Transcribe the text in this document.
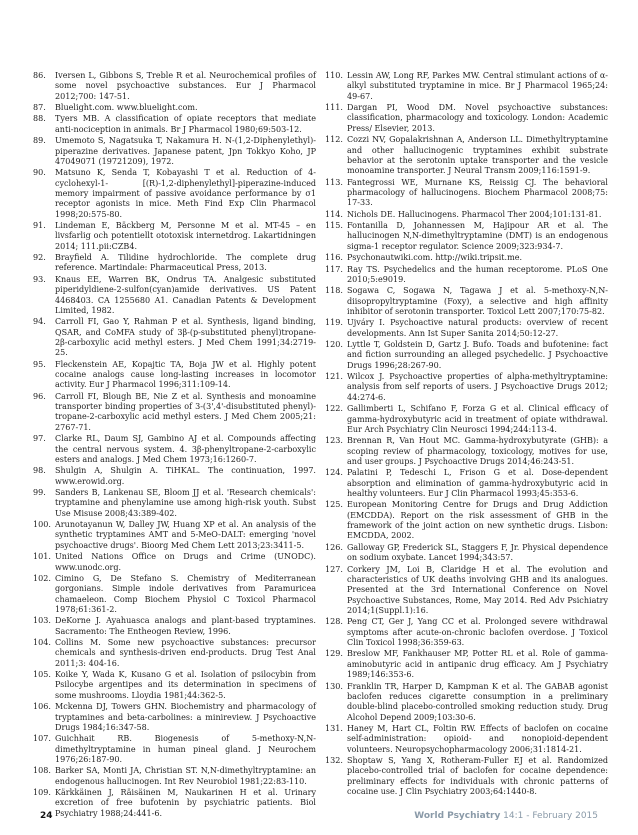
86.	Iversen L, Gibbons S, Treble R et al. Neurochemical profiles of some novel psychoactive substances. Eur J Pharmacol 2012;700: 147-51.
87.	Bluelight.com. www.bluelight.com.
88.	Tyers MB. A classification of opiate receptors that mediate anti-nociception in animals. Br J Pharmacol 1980;69:503-12.
89.	Umemoto S, Nagatsuka T, Nakamura H. N-(1,2-Diphenylethyl)-piperazine derivatives. Japanese patent, Jpn Tokkyo Koho, JP 47049071 (19721209), 1972.
90.	Matsuno K, Senda T, Kobayashi T et al. Reduction of 4-cyclohexyl-1- [(R)-1,2-diphenylethyl]-piperazine-induced memory impairment of passive avoidance performance by σ1 receptor agonists in mice. Meth Find Exp Clin Pharmacol 1998;20:575-80.
91.	Lindeman E, Bäckberg M, Personne M et al. MT-45 – en livsfarlig och potentiellt ototoxisk internetdrog. Lakartidningen 2014; 111.pii:CZB4.
92.	Brayfield A. Tilidine hydrochloride. The complete drug reference. Martindale: Pharmaceutical Press, 2013.
93.	Knaus EE, Warren BK, Ondrus TA. Analgesic substituted piperidyldiene-2-sulfon(cyan)amide derivatives. US Patent 4468403. CA 1255680 A1. Canadian Patents & Development Limited, 1982.
94.	Carroll FI, Gao Y, Rahman P et al. Synthesis, ligand binding, QSAR, and CoMFA study of 3β-(p-substituted phenyl)tropane-2β-carboxylic acid methyl esters. J Med Chem 1991;34:2719-25.
95.	Fleckenstein AE, Kopajtic TA, Boja JW et al. Highly potent cocaine analogs cause long-lasting increases in locomotor activity. Eur J Pharmacol 1996;311:109-14.
96.	Carroll FI, Blough BE, Nie Z et al. Synthesis and monoamine transporter binding properties of 3-(3',4'-disubstituted phenyl)-tropane-2-carboxylic acid methyl esters. J Med Chem 2005;21: 2767-71.
97.	Clarke RL, Daum SJ, Gambino AJ et al. Compounds affecting the central nervous system. 4. 3β-phenyltropane-2-carboxylic esters and analogs. J Med Chem 1973;16:1260-7.
98.	Shulgin A, Shulgin A. TiHKAL. The continuation, 1997. www.erowid.org.
99.	Sanders B, Lankenau SE, Bloom JJ et al. 'Research chemicals': tryptamine and phenylamine use among high-risk youth. Subst Use Misuse 2008;43:389-402.
100. Arunotayanun W, Dalley JW, Huang XP et al. An analysis of the synthetic tryptamines AMT and 5-MeO-DALT: emerging 'novel psychoactive drugs'. Bioorg Med Chem Lett 2013;23:3411-5.
101. United Nations Office on Drugs and Crime (UNODC). www.unodc.org.
102. Cimino G, De Stefano S. Chemistry of Mediterranean gorgonians. Simple indole derivatives from Paramuricea chamaeleon. Comp Biochem Physiol C Toxicol Pharmacol 1978;61:361-2.
103. DeKorne J. Ayahuasca analogs and plant-based tryptamines. Sacramento: The Entheogen Review, 1996.
104. Collins M. Some new psychoactive substances: precursor chemicals and synthesis-driven end-products. Drug Test Anal 2011;3: 404-16.
105. Koike Y, Wada K, Kusano G et al. Isolation of psilocybin from Psilocybe argentipes and its determination in specimens of some mushrooms. Lloydia 1981;44:362-5.
106. Mckenna DJ, Towers GHN. Biochemistry and pharmacology of tryptamines and beta-carbolines: a minireview. J Psychoactive Drugs 1984;16:347-58.
107. Guichhait RB. Biogenesis of 5-methoxy-N,N-dimethyltryptamine in human pineal gland. J Neurochem 1976;26:187-90.
108. Barker SA, Monti JA, Christian ST. N,N-dimethyltryptamine: an endogenous hallucinogen. Int Rev Neurobiol 1981;22:83-110.
109. Kärkkäinen J, Räisäinen M, Naukarinen H et al. Urinary excretion of free bufotenin by psychiatric patients. Biol Psychiatry 1988;24:441-6.
110. Lessin AW, Long RF, Parkes MW. Central stimulant actions of α-alkyl substituted tryptamine in mice. Br J Pharmacol 1965;24: 49-67.
111. Dargan PI, Wood DM. Novel psychoactive substances: classification, pharmacology and toxicology. London: Academic Press/ Elsevier, 2013.
112. Cozzi NV, Gopalakrishnan A, Anderson LL. Dimethyltryptamine and other hallucinogenic tryptamines exhibit substrate behavior at the serotonin uptake transporter and the vesicle monoamine transporter. J Neural Transm 2009;116:1591-9.
113. Fantegrossi WE, Murnane KS, Reissig CJ. The behavioral pharmacology of hallucinogens. Biochem Pharmacol 2008;75: 17-33.
114. Nichols DE. Hallucinogens. Pharmacol Ther 2004;101:131-81.
115. Fontanilla D, Johannessen M, Hajipour AR et al. The hallucinogen N,N-dimethyltryptamine (DMT) is an endogenous sigma-1 receptor regulator. Science 2009;323:934-7.
116. Psychonautwiki.com. http://wiki.tripsit.me.
117. Ray TS. Psychedelics and the human receptorome. PLoS One 2010;5:e9019.
118. Sogawa C, Sogawa N, Tagawa J et al. 5-methoxy-N,N-diisopropyltryptamine (Foxy), a selective and high affinity inhibitor of serotonin transporter. Toxicol Lett 2007;170:75-82.
119. Ujváry I. Psychoactive natural products: overview of recent developments. Ann Ist Super Sanita 2014;50:12-27.
120. Lyttle T, Goldstein D, Gartz J. Bufo. Toads and bufotenine: fact and fiction surrounding an alleged psychedelic. J Psychoactive Drugs 1996;28:267-90.
121. Wilcox J. Psychoactive properties of alpha-methyltryptamine: analysis from self reports of users. J Psychoactive Drugs 2012; 44:274-6.
122. Gallimberti L, Schifano F, Forza G et al. Clinical efficacy of gamma-hydroxybutyric acid in treatment of opiate withdrawal. Eur Arch Psychiatry Clin Neurosci 1994;244:113-4.
123. Brennan R, Van Hout MC. Gamma-hydroxybutyrate (GHB): a scoping review of pharmacology, toxicology, motives for use, and user groups. J Psychoactive Drugs 2014;46:243-51.
124. Palatini P, Tedeschi L, Frison G et al. Dose-dependent absorption and elimination of gamma-hydroxybutyric acid in healthy volunteers. Eur J Clin Pharmacol 1993;45:353-6.
125. European Monitoring Centre for Drugs and Drug Addiction (EMCDDA). Report on the risk assessment of GHB in the framework of the joint action on new synthetic drugs. Lisbon: EMCDDA, 2002.
126. Galloway GP, Frederick SL, Staggers F, Jr. Physical dependence on sodium oxybate. Lancet 1994;343:57.
127. Corkery JM, Loi B, Claridge H et al. The evolution and characteristics of UK deaths involving GHB and its analogues. Presented at the 3rd International Conference on Novel Psychoactive Substances, Rome, May 2014. Red Adv Psichiatry 2014;1(Suppl.1):16.
128. Peng CT, Ger J, Yang CC et al. Prolonged severe withdrawal symptoms after acute-on-chronic baclofen overdose. J Toxicol Clin Toxicol 1998;36:359-63.
129. Breslow MF, Fankhauser MP, Potter RL et al. Role of gamma-aminobutyric acid in antipanic drug efficacy. Am J Psychiatry 1989;146:353-6.
130. Franklin TR, Harper D, Kampman K et al. The GABAB agonist baclofen reduces cigarette consumption in a preliminary double-blind placebo-controlled smoking reduction study. Drug Alcohol Depend 2009;103:30-6.
131. Haney M, Hart CL, Foltin RW. Effects of baclofen on cocaine self-administration: opioid- and nonopioid-dependent volunteers. Neuropsychopharmacology 2006;31:1814-21.
132. Shoptaw S, Yang X, Rotheram-Fuller EJ et al. Randomized placebo-controlled trial of baclofen for cocaine dependence: preliminary effects for individuals with chronic patterns of cocaine use. J Clin Psychiatry 2003;64:1440-8.
24	World Psychiatry 14:1 - February 2015
